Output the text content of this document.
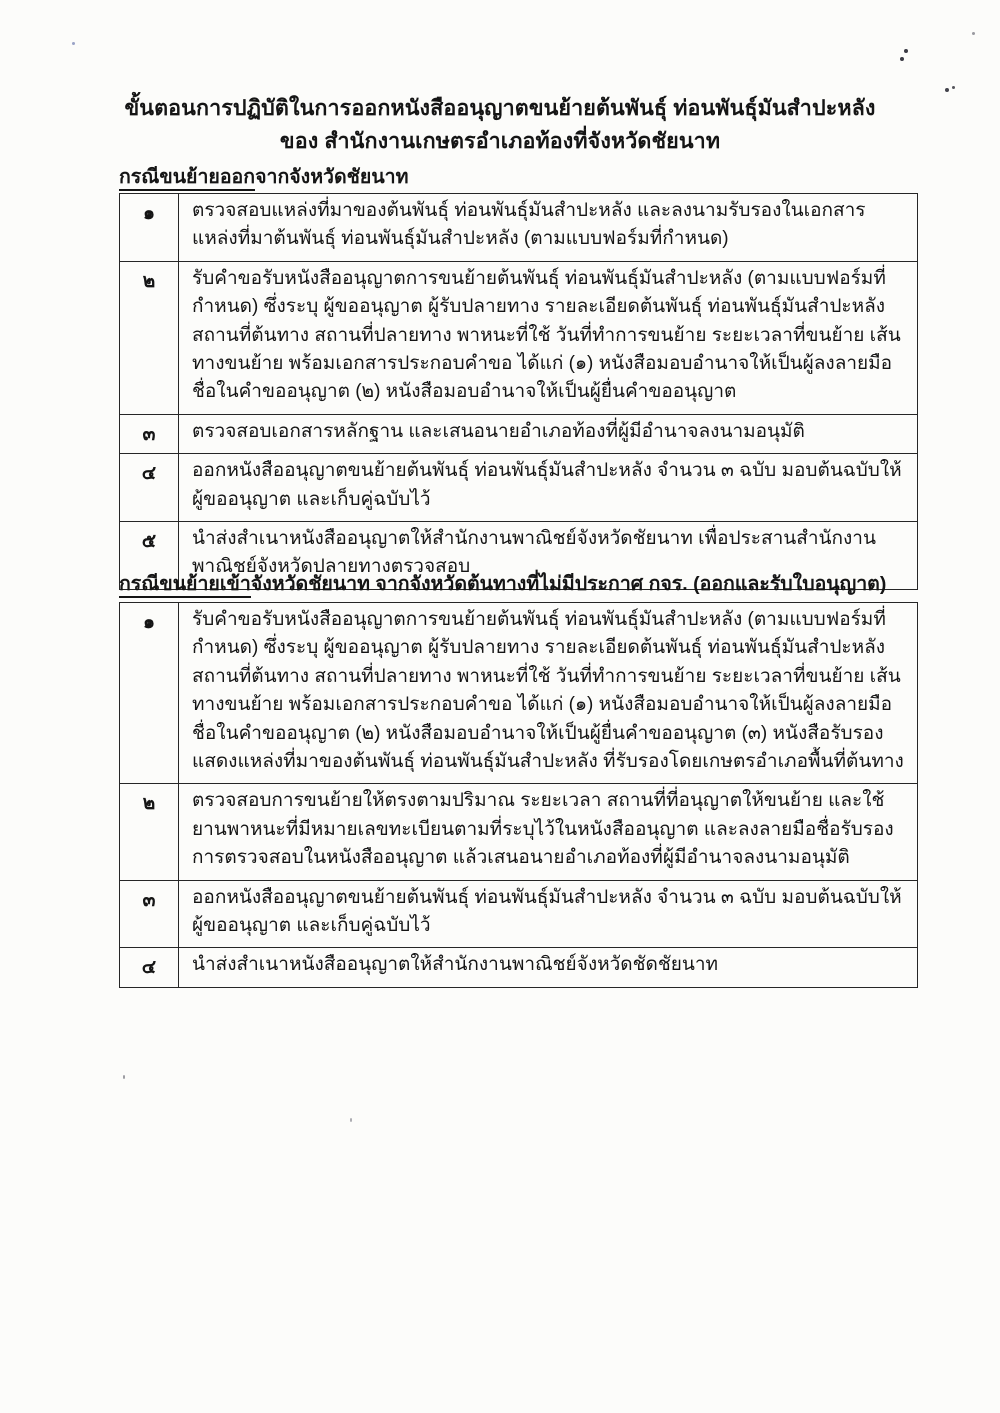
ขั้นตอนการปฏิบัติในการออกหนังสืออนุญาตขนย้ายต้นพันธุ์ ท่อนพันธุ์มันสำปะหลัง
ของ สำนักงานเกษตรอำเภอท้องที่จังหวัดชัยนาท
กรณีขนย้ายออกจากจังหวัดชัยนาท
๑	ตรวจสอบแหล่งที่มาของต้นพันธุ์ ท่อนพันธุ์มันสำปะหลัง และลงนามรับรองในเอกสารแหล่งที่มาต้นพันธุ์ ท่อนพันธุ์มันสำปะหลัง (ตามแบบฟอร์มที่กำหนด)
๒	รับคำขอรับหนังสืออนุญาตการขนย้ายต้นพันธุ์ ท่อนพันธุ์มันสำปะหลัง (ตามแบบฟอร์มที่กำหนด) ซึ่งระบุ ผู้ขออนุญาต ผู้รับปลายทาง รายละเอียดต้นพันธุ์ ท่อนพันธุ์มันสำปะหลัง สถานที่ต้นทาง สถานที่ปลายทาง พาหนะที่ใช้ วันที่ทำการขนย้าย ระยะเวลาที่ขนย้าย เส้นทางขนย้าย พร้อมเอกสารประกอบคำขอ ได้แก่ (๑) หนังสือมอบอำนาจให้เป็นผู้ลงลายมือชื่อในคำขออนุญาต (๒) หนังสือมอบอำนาจให้เป็นผู้ยื่นคำขออนุญาต
๓	ตรวจสอบเอกสารหลักฐาน และเสนอนายอำเภอท้องที่ผู้มีอำนาจลงนามอนุมัติ
๔	ออกหนังสืออนุญาตขนย้ายต้นพันธุ์ ท่อนพันธุ์มันสำปะหลัง จำนวน ๓ ฉบับ มอบต้นฉบับให้ผู้ขออนุญาต และเก็บคู่ฉบับไว้
๕	นำส่งสำเนาหนังสืออนุญาตให้สำนักงานพาณิชย์จังหวัดชัยนาท เพื่อประสานสำนักงานพาณิชย์จังหวัดปลายทางตรวจสอบ
กรณีขนย้ายเข้าจังหวัดชัยนาท จากจังหวัดต้นทางที่ไม่มีประกาศ กจร. (ออกและรับใบอนุญาต)
๑	รับคำขอรับหนังสืออนุญาตการขนย้ายต้นพันธุ์ ท่อนพันธุ์มันสำปะหลัง (ตามแบบฟอร์มที่กำหนด) ซึ่งระบุ ผู้ขออนุญาต ผู้รับปลายทาง รายละเอียดต้นพันธุ์ ท่อนพันธุ์มันสำปะหลัง สถานที่ต้นทาง สถานที่ปลายทาง พาหนะที่ใช้ วันที่ทำการขนย้าย ระยะเวลาที่ขนย้าย เส้นทางขนย้าย พร้อมเอกสารประกอบคำขอ ได้แก่ (๑) หนังสือมอบอำนาจให้เป็นผู้ลงลายมือชื่อในคำขออนุญาต (๒) หนังสือมอบอำนาจให้เป็นผู้ยื่นคำขออนุญาต (๓) หนังสือรับรองแสดงแหล่งที่มาของต้นพันธุ์ ท่อนพันธุ์มันสำปะหลัง ที่รับรองโดยเกษตรอำเภอพื้นที่ต้นทาง
๒	ตรวจสอบการขนย้ายให้ตรงตามปริมาณ ระยะเวลา สถานที่ที่อนุญาตให้ขนย้าย และใช้ยานพาหนะที่มีหมายเลขทะเบียนตามที่ระบุไว้ในหนังสืออนุญาต และลงลายมือชื่อรับรองการตรวจสอบในหนังสืออนุญาต แล้วเสนอนายอำเภอท้องที่ผู้มีอำนาจลงนามอนุมัติ
๓	ออกหนังสืออนุญาตขนย้ายต้นพันธุ์ ท่อนพันธุ์มันสำปะหลัง จำนวน ๓ ฉบับ มอบต้นฉบับให้ผู้ขออนุญาต และเก็บคู่ฉบับไว้
๔	นำส่งสำเนาหนังสืออนุญาตให้สำนักงานพาณิชย์จังหวัดชัดชัยนาท
